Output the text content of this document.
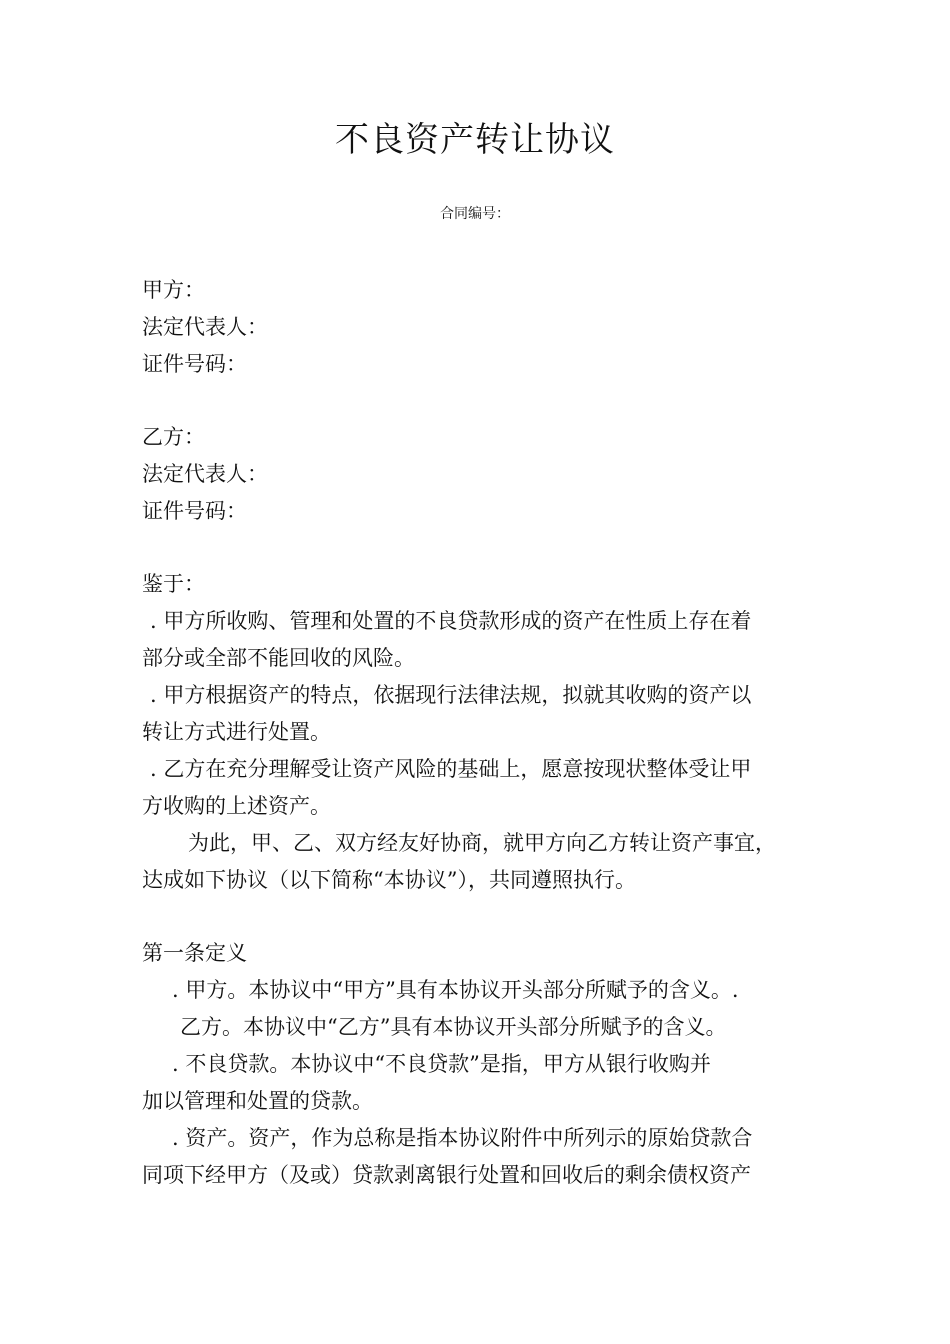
不良资产转让协议
合同编号：
甲方：
法定代表人：
证件号码：
乙方：
法定代表人：
证件号码：
鉴于：
. 甲方所收购、管理和处置的不良贷款形成的资产在性质上存在着
部分或全部不能回收的风险。
. 甲方根据资产的特点，依据现行法律法规，拟就其收购的资产以
转让方式进行处置。
. 乙方在充分理解受让资产风险的基础上，愿意按现状整体受让甲
方收购的上述资产。
为此，甲、乙、双方经友好协商，就甲方向乙方转让资产事宜，
达成如下协议（以下简称“本协议”），共同遵照执行。
第一条定义
. 甲方。本协议中“甲方”具有本协议开头部分所赋予的含义。.
乙方。本协议中“乙方”具有本协议开头部分所赋予的含义。
. 不良贷款。本协议中“不良贷款”是指，甲方从银行收购并
加以管理和处置的贷款。
. 资产。资产，作为总称是指本协议附件中所列示的原始贷款合
同项下经甲方（及或）贷款剥离银行处置和回收后的剩余债权资产
